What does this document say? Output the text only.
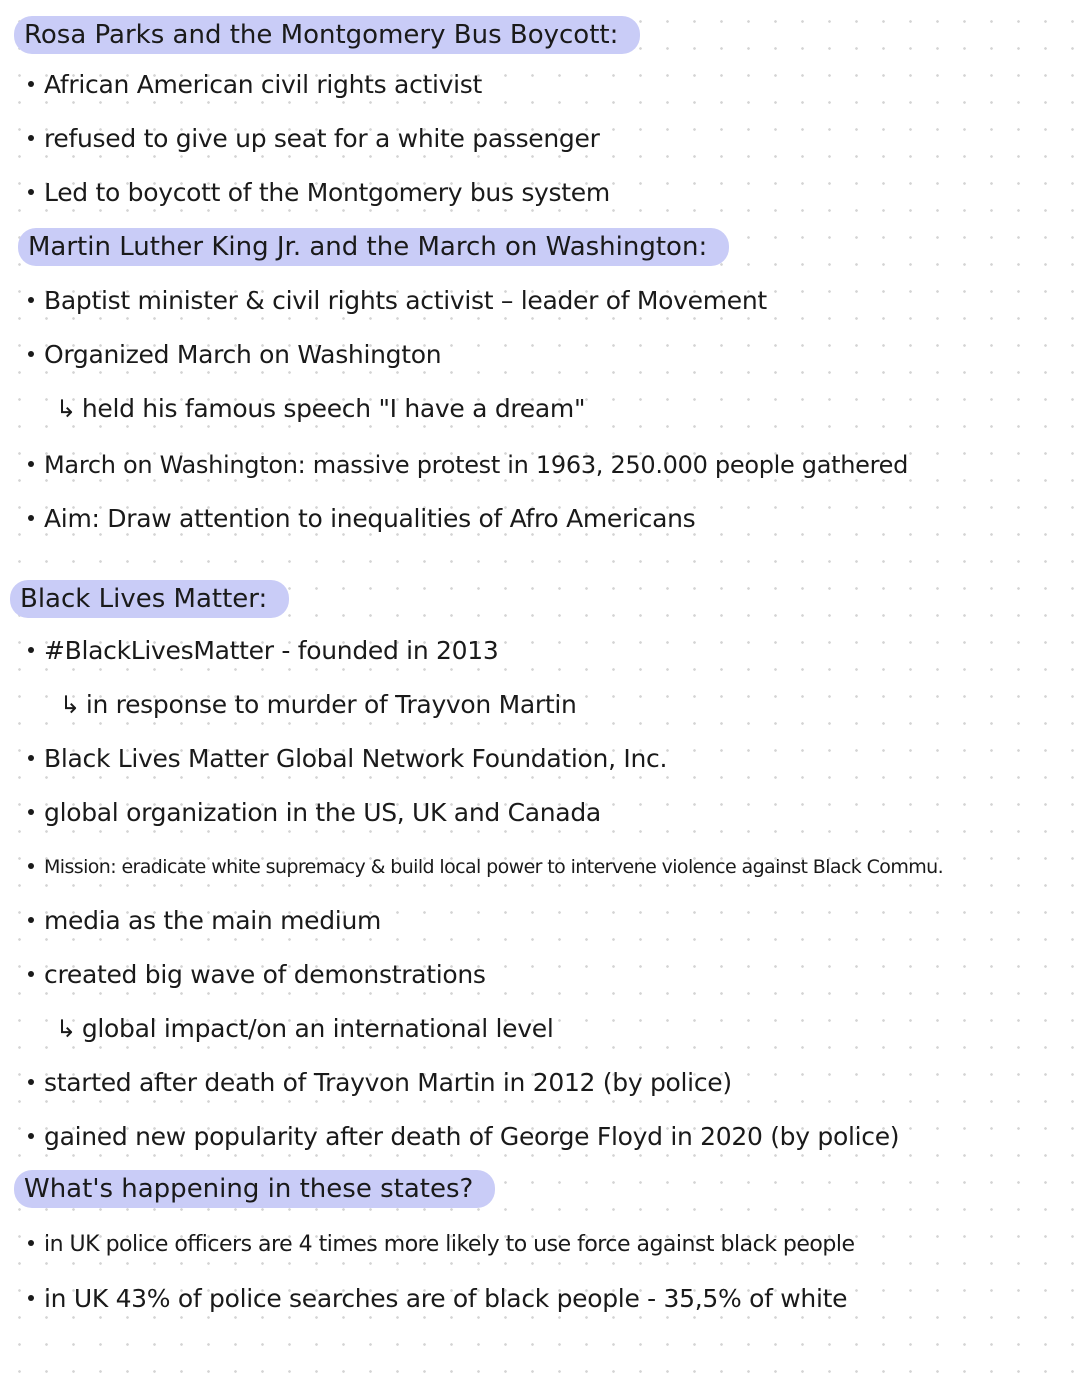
Rosa Parks and the Montgomery Bus Boycott:
African American civil rights activist
refused to give up seat for a white passenger
Led to boycott of the Montgomery bus system
Martin Luther King Jr. and the March on Washington:
Baptist minister & civil rights activist – leader of Movement
Organized March on Washington
↳ held his famous speech "I have a dream"
March on Washington: massive protest in 1963, 250.000 people gathered
Aim: Draw attention to inequalities of Afro Americans
Black Lives Matter:
#BlackLivesMatter - founded in 2013
↳ in response to murder of Trayvon Martin
Black Lives Matter Global Network Foundation, Inc.
global organization in the US, UK and Canada
Mission: eradicate white supremacy & build local power to intervene violence against Black Commu.
media as the main medium
created big wave of demonstrations
↳ global impact/on an international level
started after death of Trayvon Martin in 2012 (by police)
gained new popularity after death of George Floyd in 2020 (by police)
What's happening in these states?
in UK police officers are 4 times more likely to use force against black people
in UK 43% of police searches are of black people - 35,5% of white
